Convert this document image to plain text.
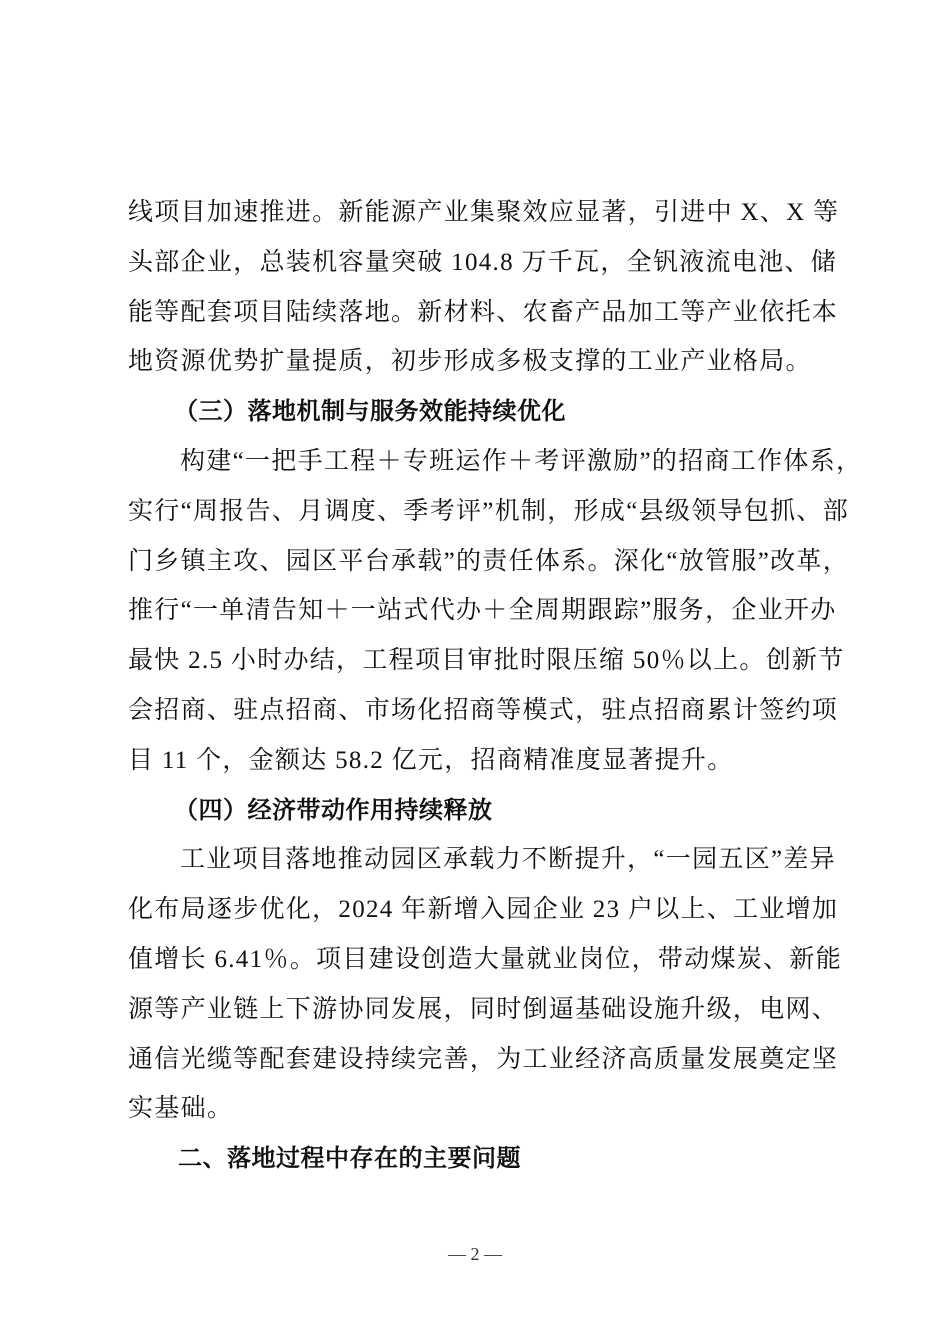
线项目加速推进。新能源产业集聚效应显著，引进中 X、X 等
头部企业，总装机容量突破 104.8 万千瓦，全钒液流电池、储
能等配套项目陆续落地。新材料、农畜产品加工等产业依托本
地资源优势扩量提质，初步形成多极支撑的工业产业格局。
（三）落地机制与服务效能持续优化
构建“一把手工程＋专班运作＋考评激励”的招商工作体系，
实行“周报告、月调度、季考评”机制，形成“县级领导包抓、部
门乡镇主攻、园区平台承载”的责任体系。深化“放管服”改革，
推行“一单清告知＋一站式代办＋全周期跟踪”服务，企业开办
最快 2.5 小时办结，工程项目审批时限压缩 50％以上。创新节
会招商、驻点招商、市场化招商等模式，驻点招商累计签约项
目 11 个，金额达 58.2 亿元，招商精准度显著提升。
（四）经济带动作用持续释放
工业项目落地推动园区承载力不断提升，“一园五区”差异
化布局逐步优化，2024 年新增入园企业 23 户以上、工业增加
值增长 6.41％。项目建设创造大量就业岗位，带动煤炭、新能
源等产业链上下游协同发展，同时倒逼基础设施升级，电网、
通信光缆等配套建设持续完善，为工业经济高质量发展奠定坚
实基础。
二、落地过程中存在的主要问题
— 2 —
